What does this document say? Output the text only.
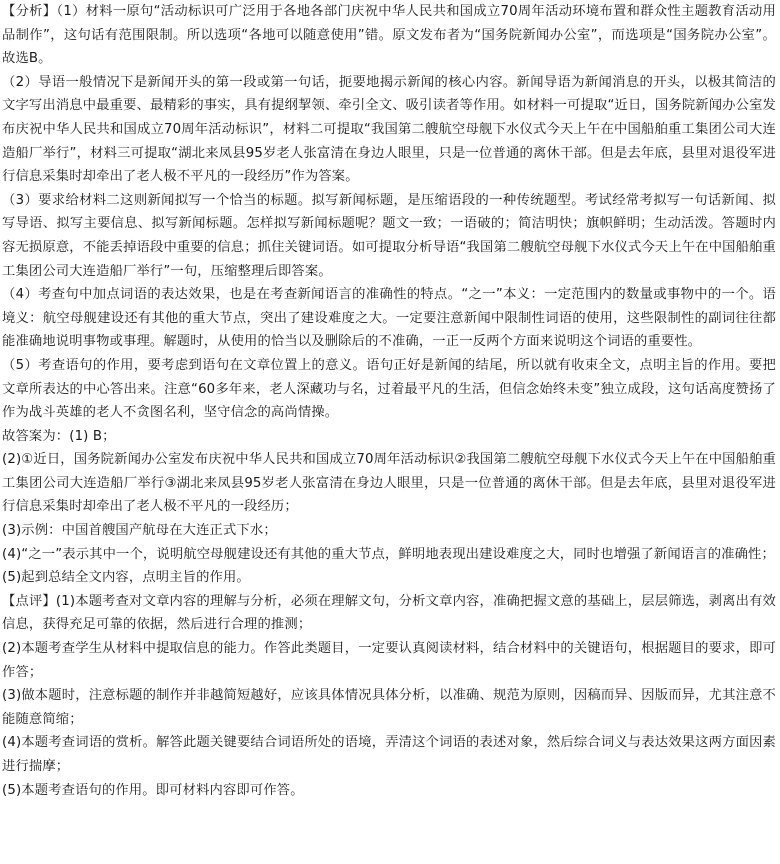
【分析】（1）材料一原句“活动标识可广泛用于各地各部门庆祝中华人民共和国成立70周年活动环境布置和群众性主题教育活动用品制作”，这句话有范围限制。所以选项“各地可以随意使用”错。原文发布者为“国务院新闻办公室”，而选项是“国务院办公室”。故选B。

（2）导语一般情况下是新闻开头的第一段或第一句话，扼要地揭示新闻的核心内容。新闻导语为新闻消息的开头，以极其简洁的文字写出消息中最重要、最精彩的事实，具有提纲挈领、牵引全文、吸引读者等作用。如材料一可提取“近日，国务院新闻办公室发布庆祝中华人民共和国成立70周年活动标识”，材料二可提取“我国第二艘航空母舰下水仪式今天上午在中国船舶重工集团公司大连造船厂举行”，材料三可提取“湖北来凤县95岁老人张富清在身边人眼里，只是一位普通的离休干部。但是去年底，县里对退役军进行信息采集时却牵出了老人极不平凡的一段经历”作为答案。

（3）要求给材料二这则新闻拟写一个恰当的标题。拟写新闻标题，是压缩语段的一种传统题型。考试经常考拟写一句话新闻、拟写导语、拟写主要信息、拟写新闻标题。怎样拟写新闻标题呢？题文一致；一语破的；简洁明快；旗帜鲜明；生动活泼。答题时内容无损原意，不能丢掉语段中重要的信息；抓住关键词语。如可提取分析导语“我国第二艘航空母舰下水仪式今天上午在中国船舶重工集团公司大连造船厂举行”一句，压缩整理后即答案。

（4）考查句中加点词语的表达效果，也是在考查新闻语言的准确性的特点。“之一”本义：一定范围内的数量或事物中的一个。语境义：航空母舰建设还有其他的重大节点，突出了建设难度之大。一定要注意新闻中限制性词语的使用，这些限制性的副词往往都能准确地说明事物或事理。解题时，从使用的恰当以及删除后的不准确，一正一反两个方面来说明这个词语的重要性。

（5）考查语句的作用，要考虑到语句在文章位置上的意义。语句正好是新闻的结尾，所以就有收束全文，点明主旨的作用。要把文章所表达的中心答出来。注意“60多年来，老人深藏功与名，过着最平凡的生活，但信念始终未变”独立成段，这句话高度赞扬了作为战斗英雄的老人不贪图名利，坚守信念的高尚情操。

故答案为：(1) B；

(2)①近日，国务院新闻办公室发布庆祝中华人民共和国成立70周年活动标识②我国第二艘航空母舰下水仪式今天上午在中国船舶重工集团公司大连造船厂举行③湖北来凤县95岁老人张富清在身边人眼里，只是一位普通的离休干部。但是去年底，县里对退役军进行信息采集时却牵出了老人极不平凡的一段经历；

(3)示例：中国首艘国产航母在大连正式下水；

(4)“之一”表示其中一个，说明航空母舰建设还有其他的重大节点，鲜明地表现出建设难度之大，同时也增强了新闻语言的准确性；

(5)起到总结全文内容，点明主旨的作用。

【点评】(1)本题考查对文章内容的理解与分析，必须在理解文句，分析文章内容，准确把握文意的基础上，层层筛选，剥离出有效信息，获得充足可靠的依据，然后进行合理的推测；

(2)本题考查学生从材料中提取信息的能力。作答此类题目，一定要认真阅读材料，结合材料中的关键语句，根据题目的要求，即可作答；

(3)做本题时，注意标题的制作并非越简短越好，应该具体情况具体分析，以准确、规范为原则，因稿而异、因版而异，尤其注意不能随意简缩；

(4)本题考查词语的赏析。解答此题关键要结合词语所处的语境，弄清这个词语的表述对象，然后综合词义与表达效果这两方面因素进行揣摩；

(5)本题考查语句的作用。即可材料内容即可作答。
